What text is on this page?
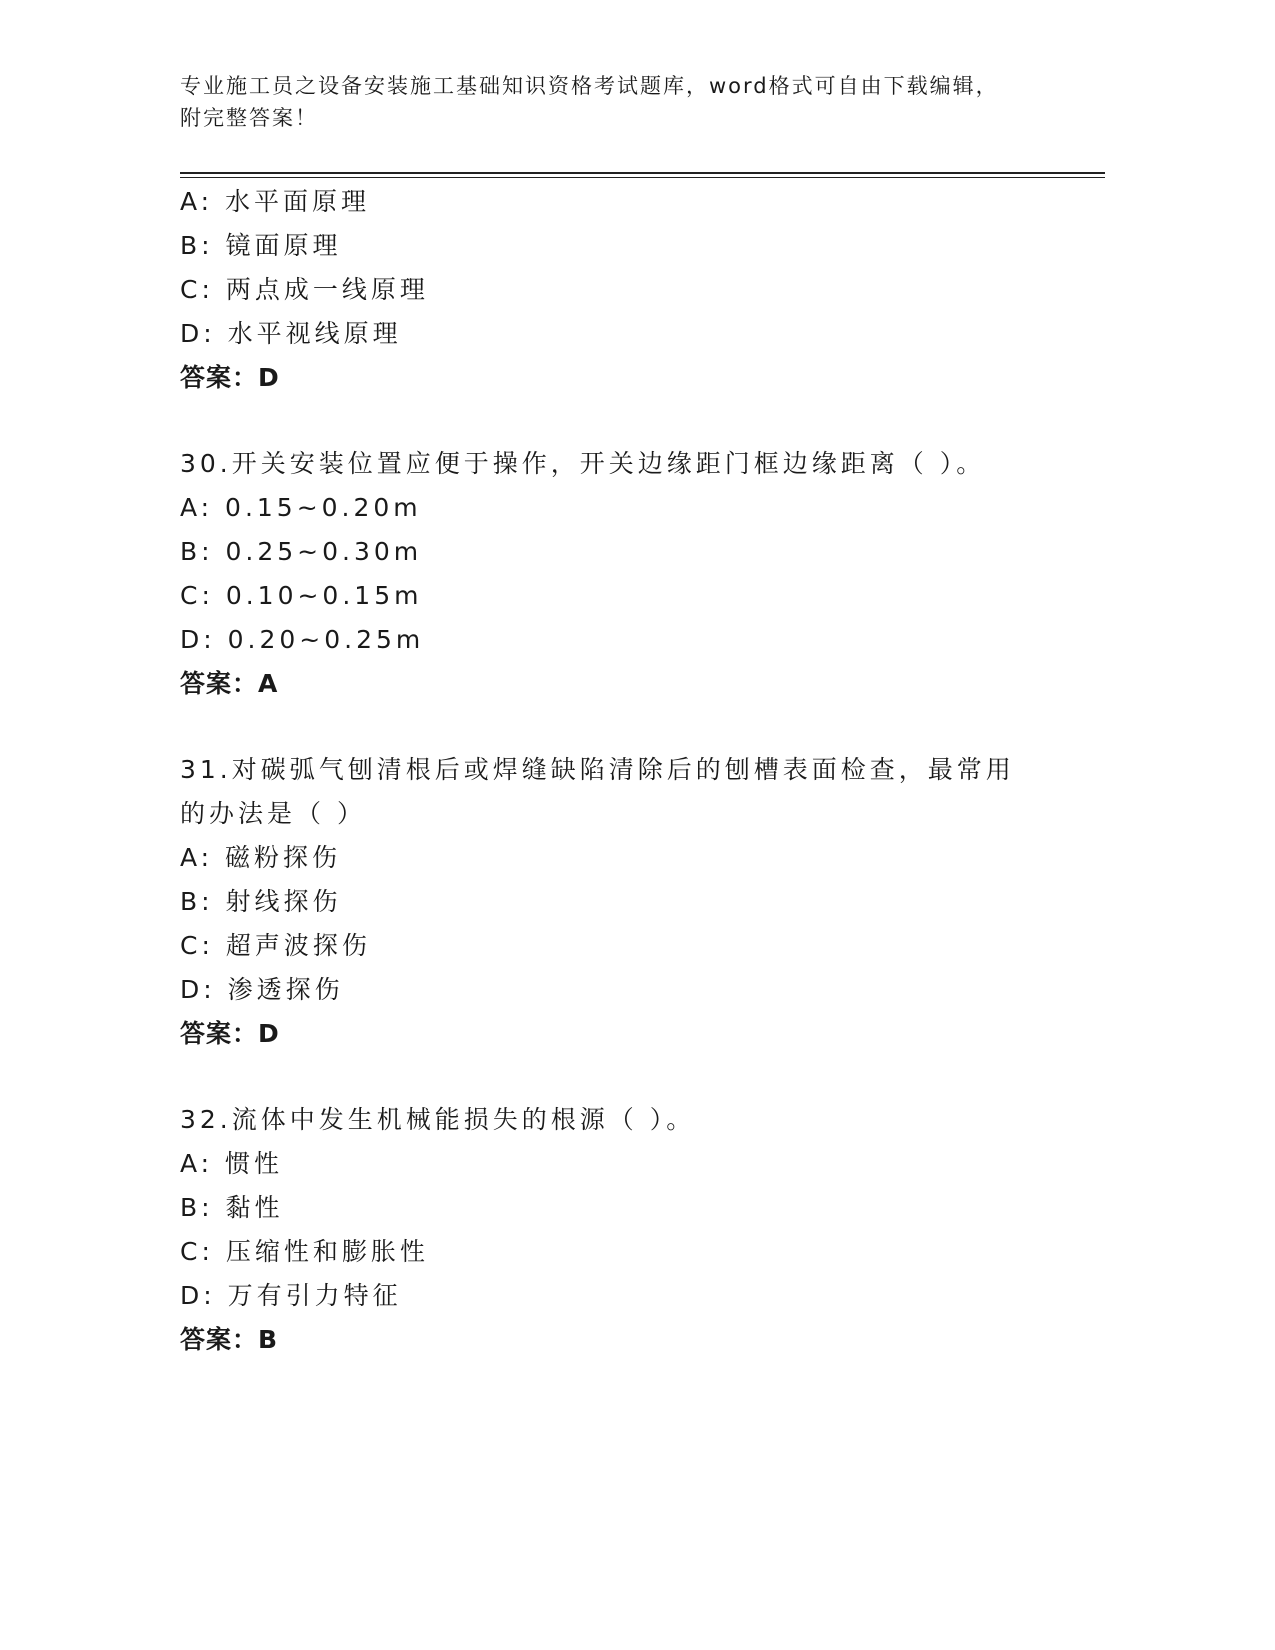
专业施工员之设备安装施工基础知识资格考试题库，word格式可自由下载编辑，
附完整答案！
A: 水平面原理
B: 镜面原理
C: 两点成一线原理
D: 水平视线原理
答案：D
30.开关安装位置应便于操作，开关边缘距门框边缘距离（ ）。
A: 0.15~0.20m
B: 0.25~0.30m
C: 0.10~0.15m
D: 0.20~0.25m
答案：A
31.对碳弧气刨清根后或焊缝缺陷清除后的刨槽表面检查，最常用的办法是（ ）
A: 磁粉探伤
B: 射线探伤
C: 超声波探伤
D: 渗透探伤
答案：D
32.流体中发生机械能损失的根源（ ）。
A: 惯性
B: 黏性
C: 压缩性和膨胀性
D: 万有引力特征
答案：B
